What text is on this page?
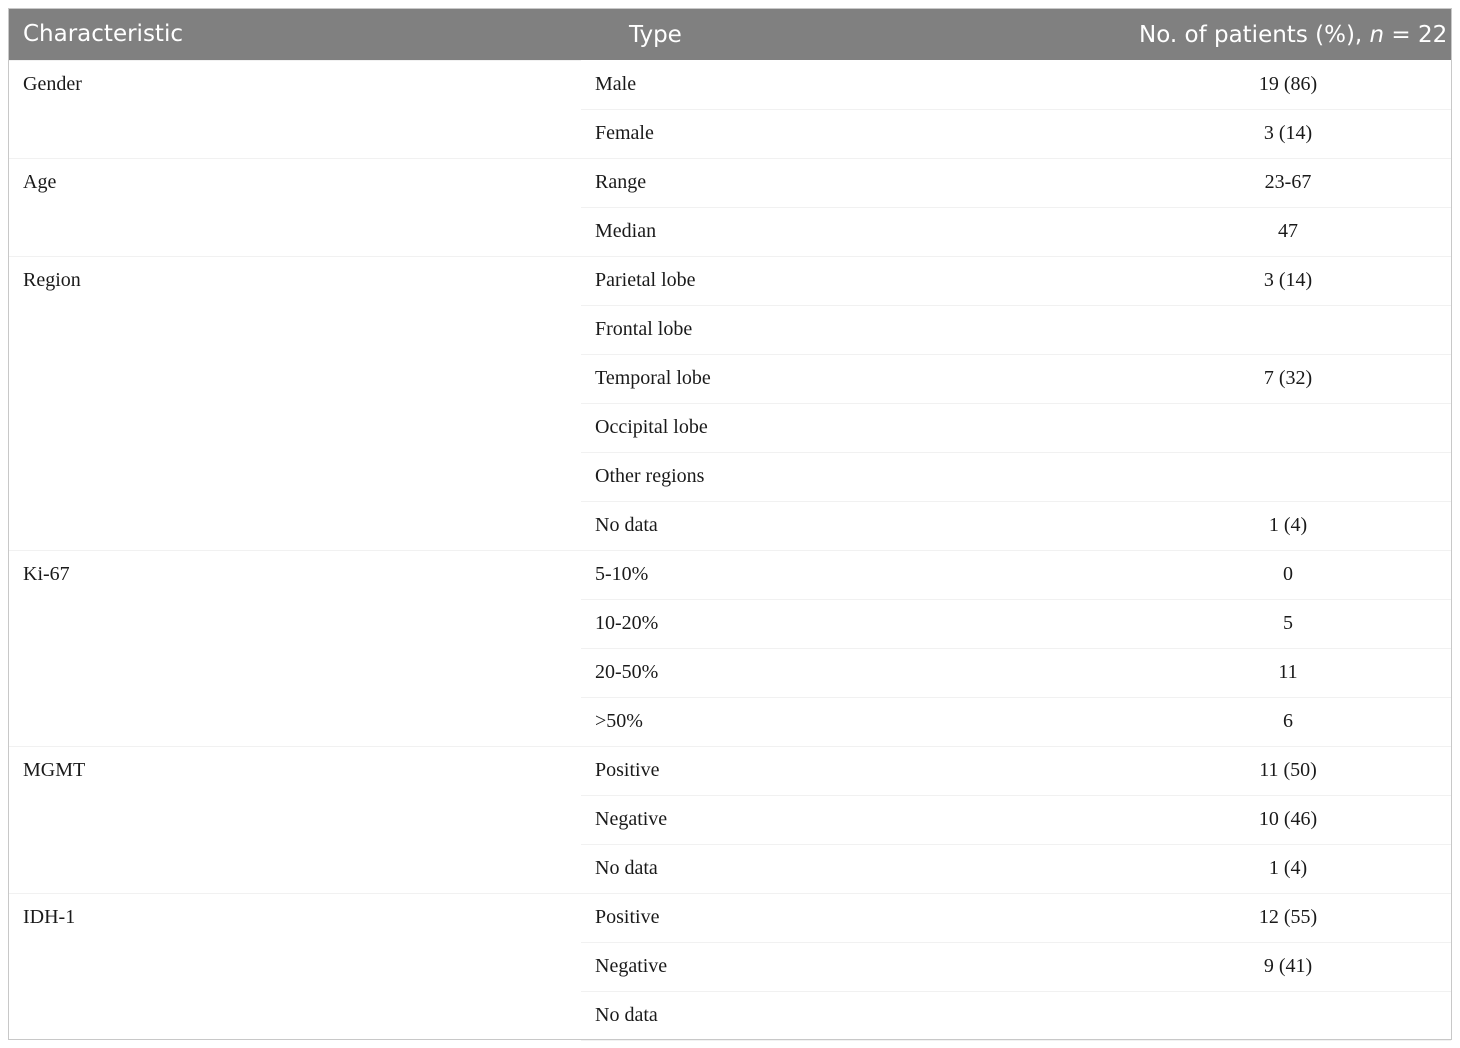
Characteristic	Type	No. of patients (%), n = 22
Gender	Male	19 (86)
	Female	3 (14)
Age	Range	23-67
	Median	47
Region	Parietal lobe	3 (14)
	Frontal lobe	
	Temporal lobe	7 (32)
	Occipital lobe	
	Other regions	
	No data	1 (4)
Ki-67	5-10%	0
	10-20%	5
	20-50%	11
	>50%	6
MGMT	Positive	11 (50)
	Negative	10 (46)
	No data	1 (4)
IDH-1	Positive	12 (55)
	Negative	9 (41)
	No data	
